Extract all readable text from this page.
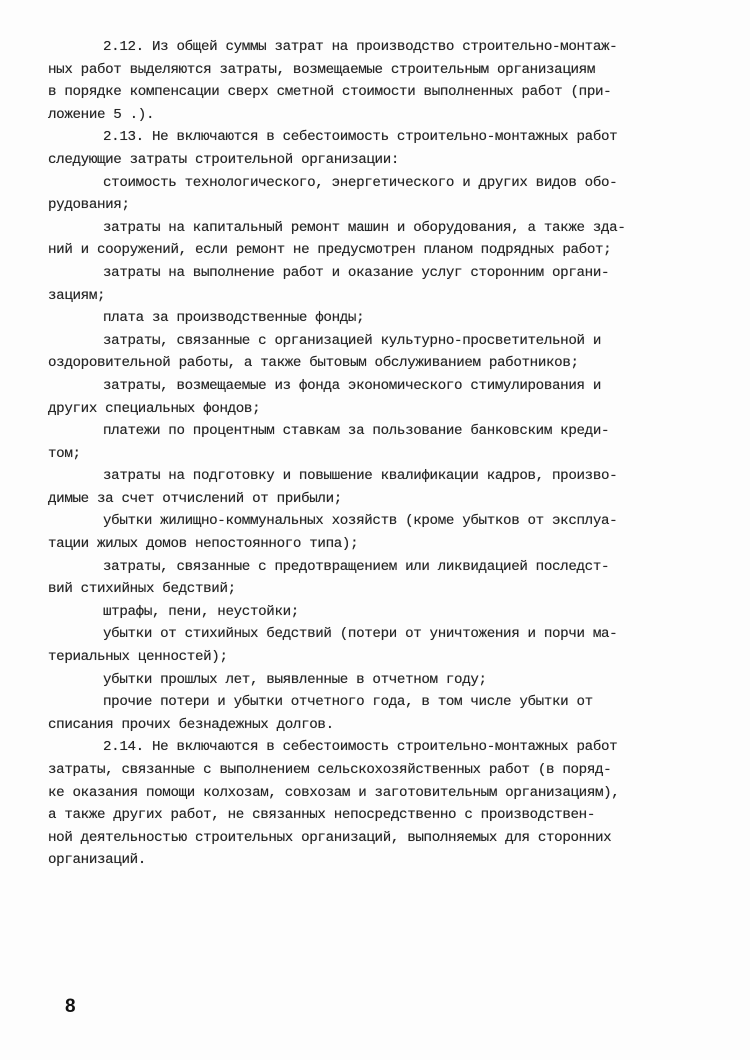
2.12. Из общей суммы затрат на производство строительно-монтаж-
ных работ выделяются затраты, возмещаемые строительным организациям
в порядке компенсации сверх сметной стоимости выполненных работ (при-
ложение 5 .).
2.13. Не включаются в себестоимость строительно-монтажных работ
следующие затраты строительной организации:
стоимость технологического, энергетического и других видов обо-
рудования;
затраты на капитальный ремонт машин и оборудования, а также зда-
ний и сооружений, если ремонт не предусмотрен планом подрядных работ;
затраты на выполнение работ и оказание услуг сторонним органи-
зациям;
плата за производственные фонды;
затраты, связанные с организацией культурно-просветительной и
оздоровительной работы, а также бытовым обслуживанием работников;
затраты, возмещаемые из фонда экономического стимулирования и
других специальных фондов;
платежи по процентным ставкам за пользование банковским креди-
том;
затраты на подготовку и повышение квалификации кадров, произво-
димые за счет отчислений от прибыли;
убытки жилищно-коммунальных хозяйств (кроме убытков от эксплуа-
тации жилых домов непостоянного типа);
затраты, связанные с предотвращением или ликвидацией последст-
вий стихийных бедствий;
штрафы, пени, неустойки;
убытки от стихийных бедствий (потери от уничтожения и порчи ма-
териальных ценностей);
убытки прошлых лет, выявленные в отчетном году;
прочие потери и убытки отчетного года, в том числе убытки от
списания прочих безнадежных долгов.
2.14. Не включаются в себестоимость строительно-монтажных работ
затраты, связанные с выполнением сельскохозяйственных работ (в поряд-
ке оказания помощи колхозам, совхозам и заготовительным организациям),
а также других работ, не связанных непосредственно с производствен-
ной деятельностью строительных организаций, выполняемых для сторонних
организаций.
8
